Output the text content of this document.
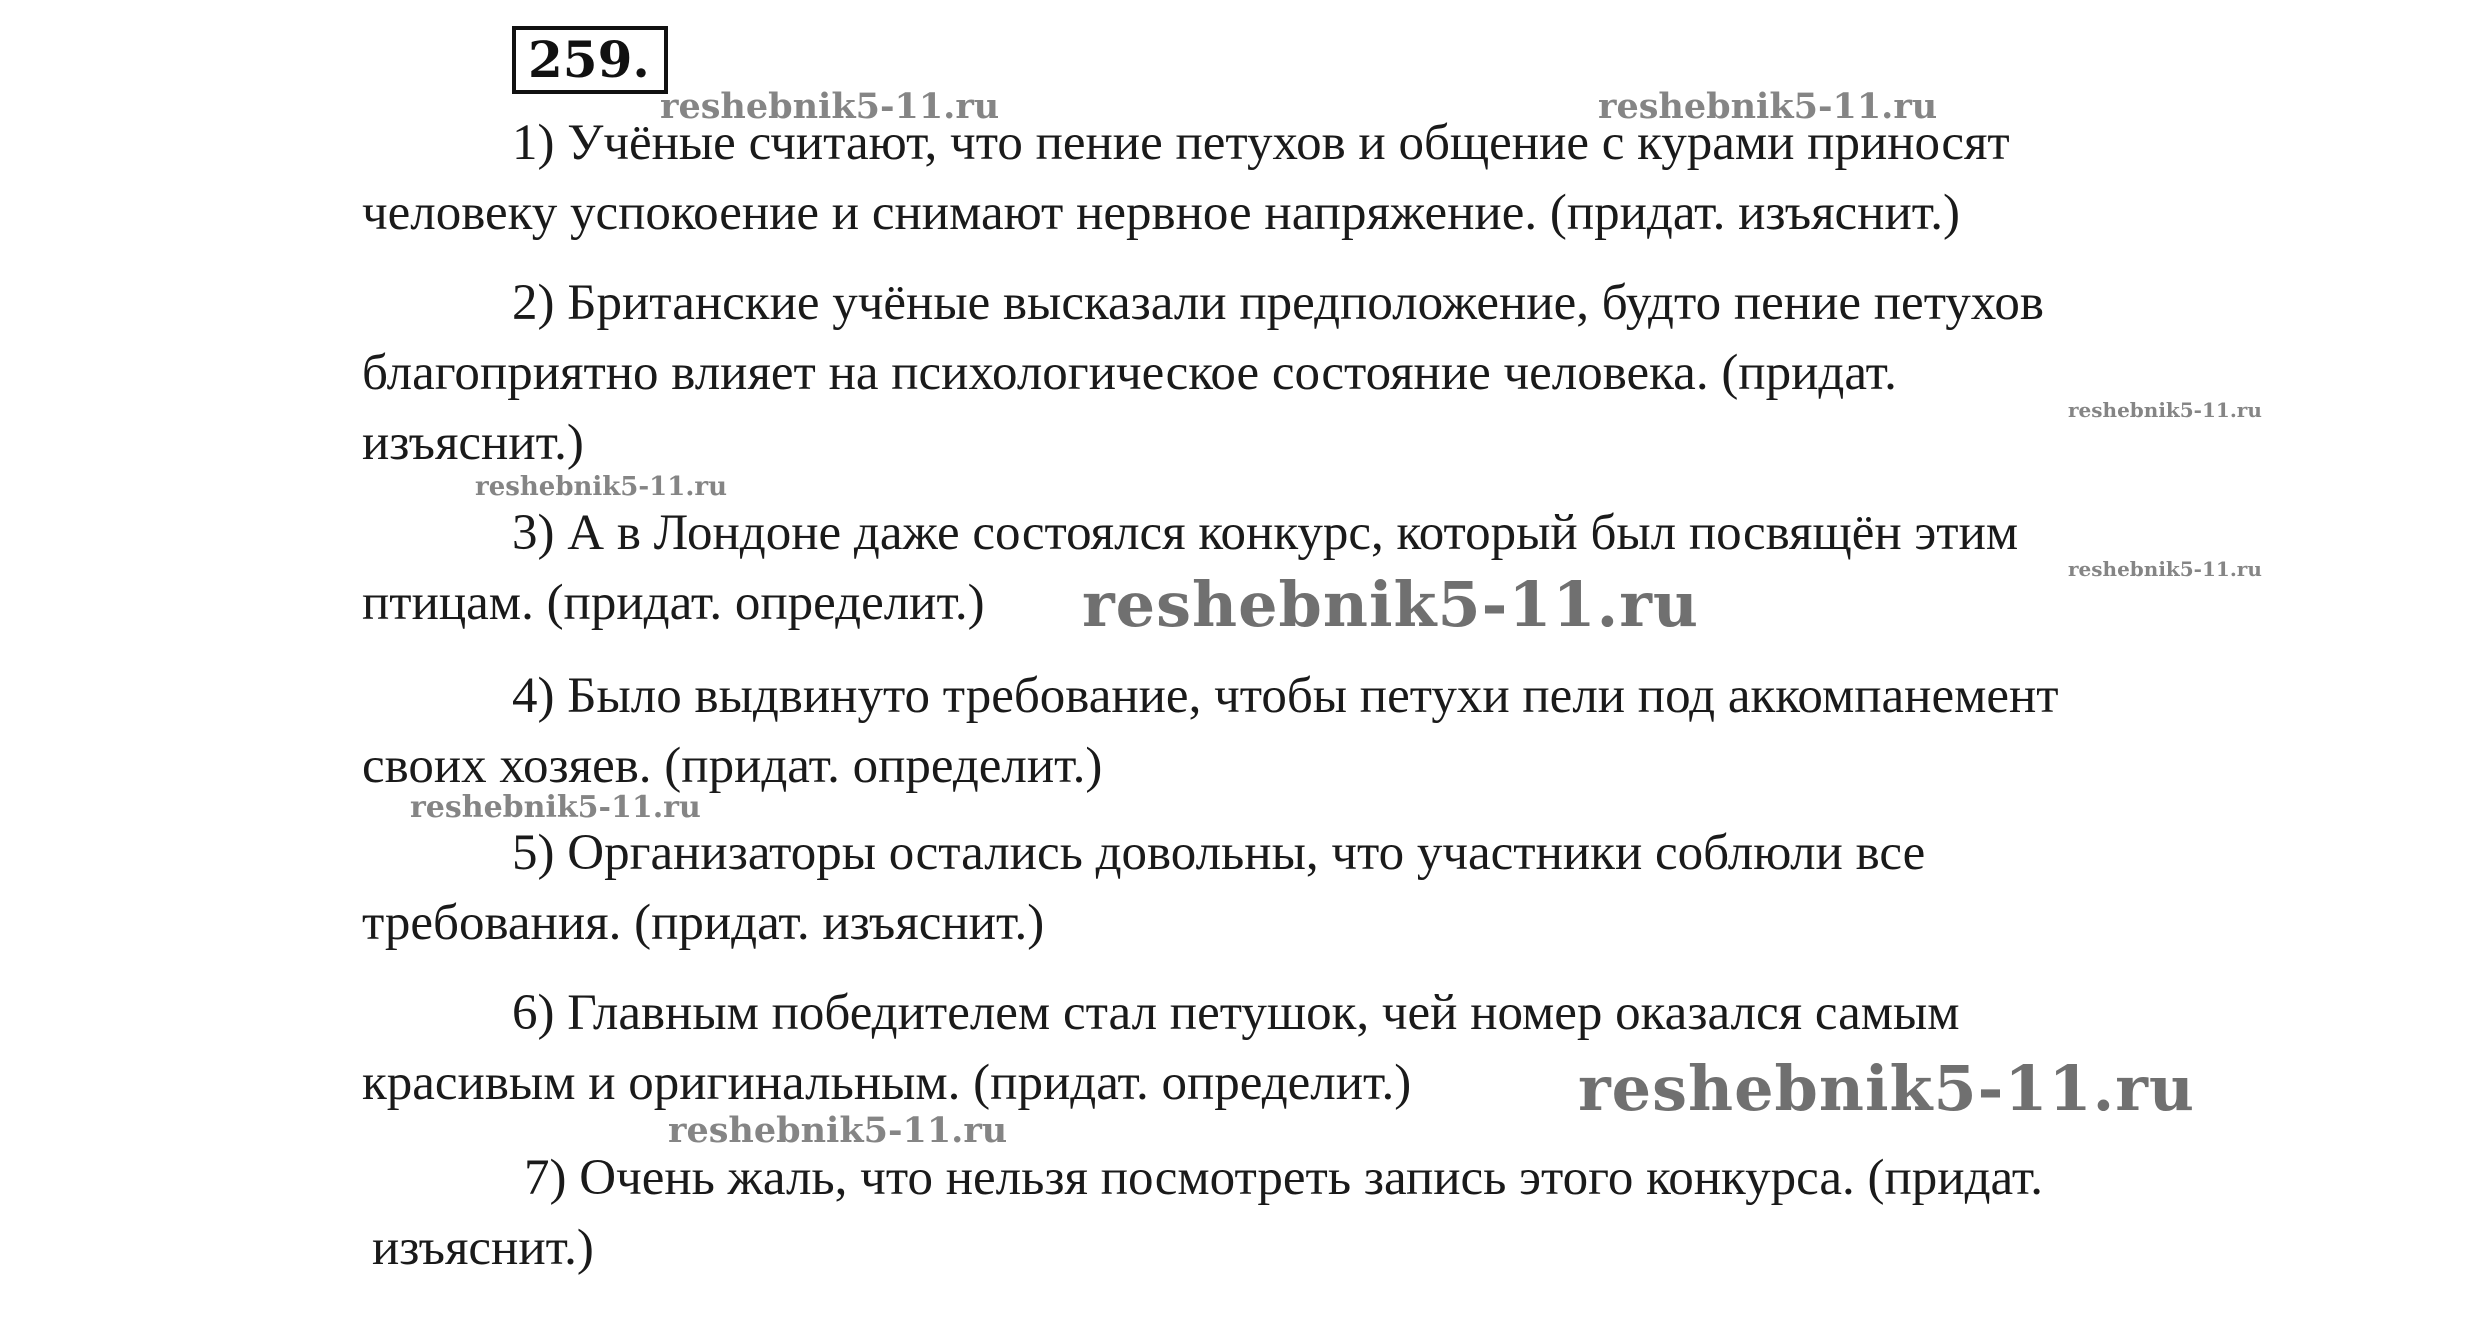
259.
1) Учёные считают, что пение петухов и общение с курами приносят
человеку успокоение и снимают нервное напряжение. (придат. изъяснит.)
2) Британские учёные высказали предположение, будто пение петухов
благоприятно влияет на психологическое состояние человека. (придат.
изъяснит.)
3) А в Лондоне даже состоялся конкурс, который был посвящён этим
птицам. (придат. определит.)
4) Было выдвинуто требование, чтобы петухи пели под аккомпанемент
своих хозяев. (придат. определит.)
5) Организаторы остались довольны, что участники соблюли все
требования. (придат. изъяснит.)
6) Главным победителем стал петушок, чей номер оказался самым
красивым и оригинальным. (придат. определит.)
7) Очень жаль, что нельзя посмотреть запись этого конкурса. (придат.
изъяснит.)
reshebnik5-11.ru	reshebnik5-11.ru
reshebnik5-11.ru
reshebnik5-11.ru
reshebnik5-11.ru
reshebnik5-11.ru
reshebnik5-11.ru
reshebnik5-11.ru
reshebnik5-11.ru
